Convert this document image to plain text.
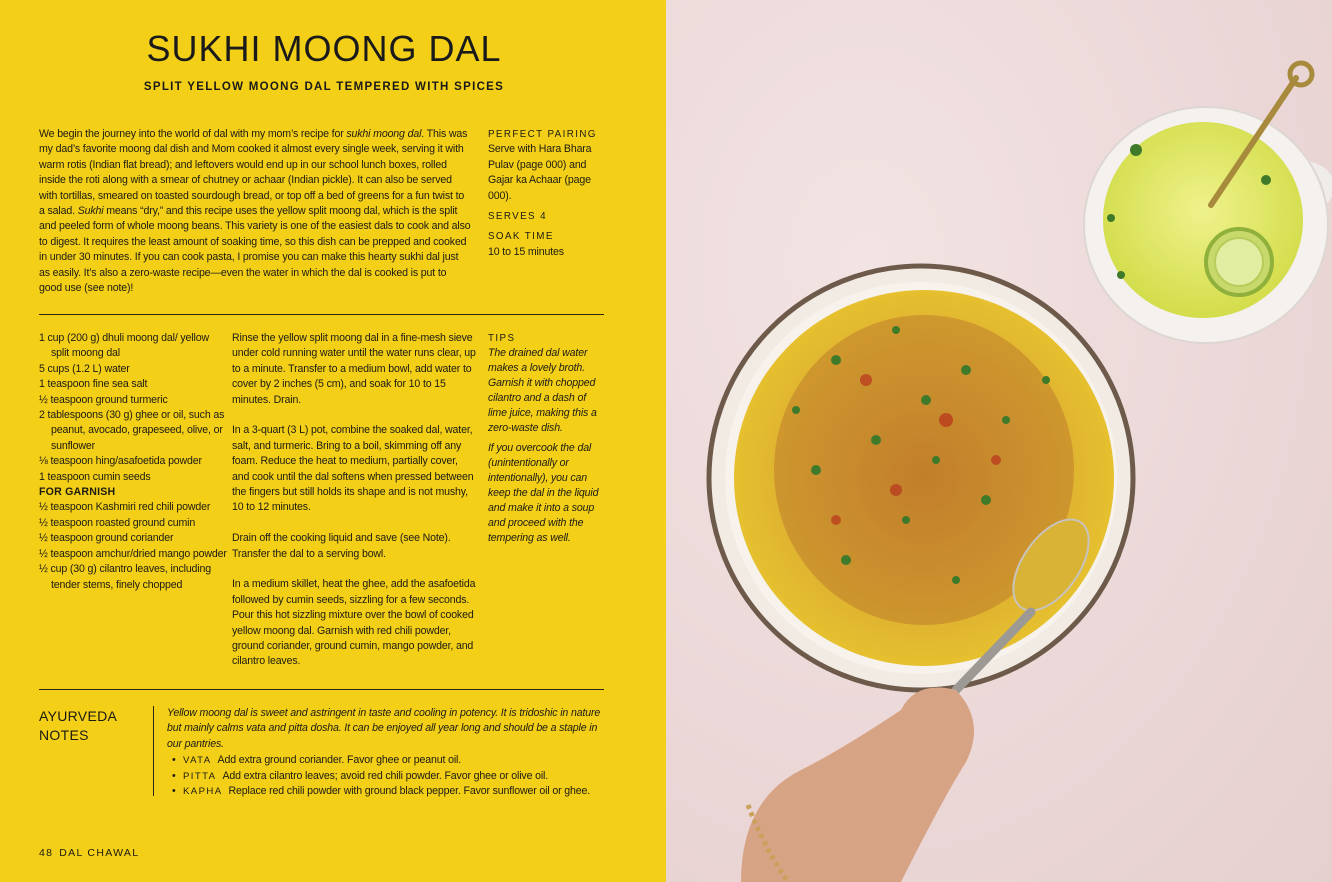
SUKHI MOONG DAL
SPLIT YELLOW MOONG DAL TEMPERED WITH SPICES
We begin the journey into the world of dal with my mom’s recipe for sukhi moong dal. This was my dad’s favorite moong dal dish and Mom cooked it almost every single week, serving it with warm rotis (Indian flat bread); and leftovers would end up in our school lunch boxes, rolled inside the roti along with a smear of chutney or achaar (Indian pickle). It can also be served with tortillas, smeared on toasted sourdough bread, or top off a bed of greens for a fun twist to a salad. Sukhi means “dry,” and this recipe uses the yellow split moong dal, which is the split and peeled form of whole moong beans. This variety is one of the easiest dals to cook and also to digest. It requires the least amount of soaking time, so this dish can be prepped and cooked in under 30 minutes. If you can cook pasta, I promise you can make this hearty sukhi dal just as easily. It’s also a zero-waste recipe—even the water in which the dal is cooked is put to good use (see note)!
PERFECT PAIRING
Serve with Hara Bhara Pulav (page 000) and Gajar ka Achaar (page 000).
SERVES 4
SOAK TIME
10 to 15 minutes
1 cup (200 g) dhuli moong dal/ yellow split moong dal
5 cups (1.2 L) water
1 teaspoon fine sea salt
½ teaspoon ground turmeric
2 tablespoons (30 g) ghee or oil, such as peanut, avocado, grapeseed, olive, or sunflower
⅛ teaspoon hing/asafoetida powder
1 teaspoon cumin seeds
FOR GARNISH
½ teaspoon Kashmiri red chili powder
½ teaspoon roasted ground cumin
½ teaspoon ground coriander
½ teaspoon amchur/dried mango powder
½ cup (30 g) cilantro leaves, including tender stems, finely chopped

Rinse the yellow split moong dal in a fine-mesh sieve under cold running water until the water runs clear, up to a minute. Transfer to a medium bowl, add water to cover by 2 inches (5 cm), and soak for 10 to 15 minutes. Drain.

In a 3-quart (3 L) pot, combine the soaked dal, water, salt, and turmeric. Bring to a boil, skimming off any foam. Reduce the heat to medium, partially cover, and cook until the dal softens when pressed between the fingers but still holds its shape and is not mushy, 10 to 12 minutes.

Drain off the cooking liquid and save (see Note). Transfer the dal to a serving bowl.

In a medium skillet, heat the ghee, add the asafoetida followed by cumin seeds, sizzling for a few seconds. Pour this hot sizzling mixture over the bowl of cooked yellow moong dal. Garnish with red chili powder, ground coriander, ground cumin, mango powder, and cilantro leaves.

TIPS

The drained dal water makes a lovely broth. Garnish it with chopped cilantro and a dash of lime juice, making this a zero-waste dish.

If you overcook the dal (unintentionally or intentionally), you can keep the dal in the liquid and make it into a soup and proceed with the tempering as well.

AYURVEDA
NOTES
Yellow moong dal is sweet and astringent in taste and cooling in potency. It is tridoshic in nature but mainly calms vata and pitta dosha. It can be enjoyed all year long and should be a staple in our pantries.
• VATA Add extra ground coriander. Favor ghee or peanut oil.
• PITTA Add extra cilantro leaves; avoid red chili powder. Favor ghee or olive oil.
• KAPHA Replace red chili powder with ground black pepper. Favor sunflower oil or ghee.
48 DAL CHAWAL
